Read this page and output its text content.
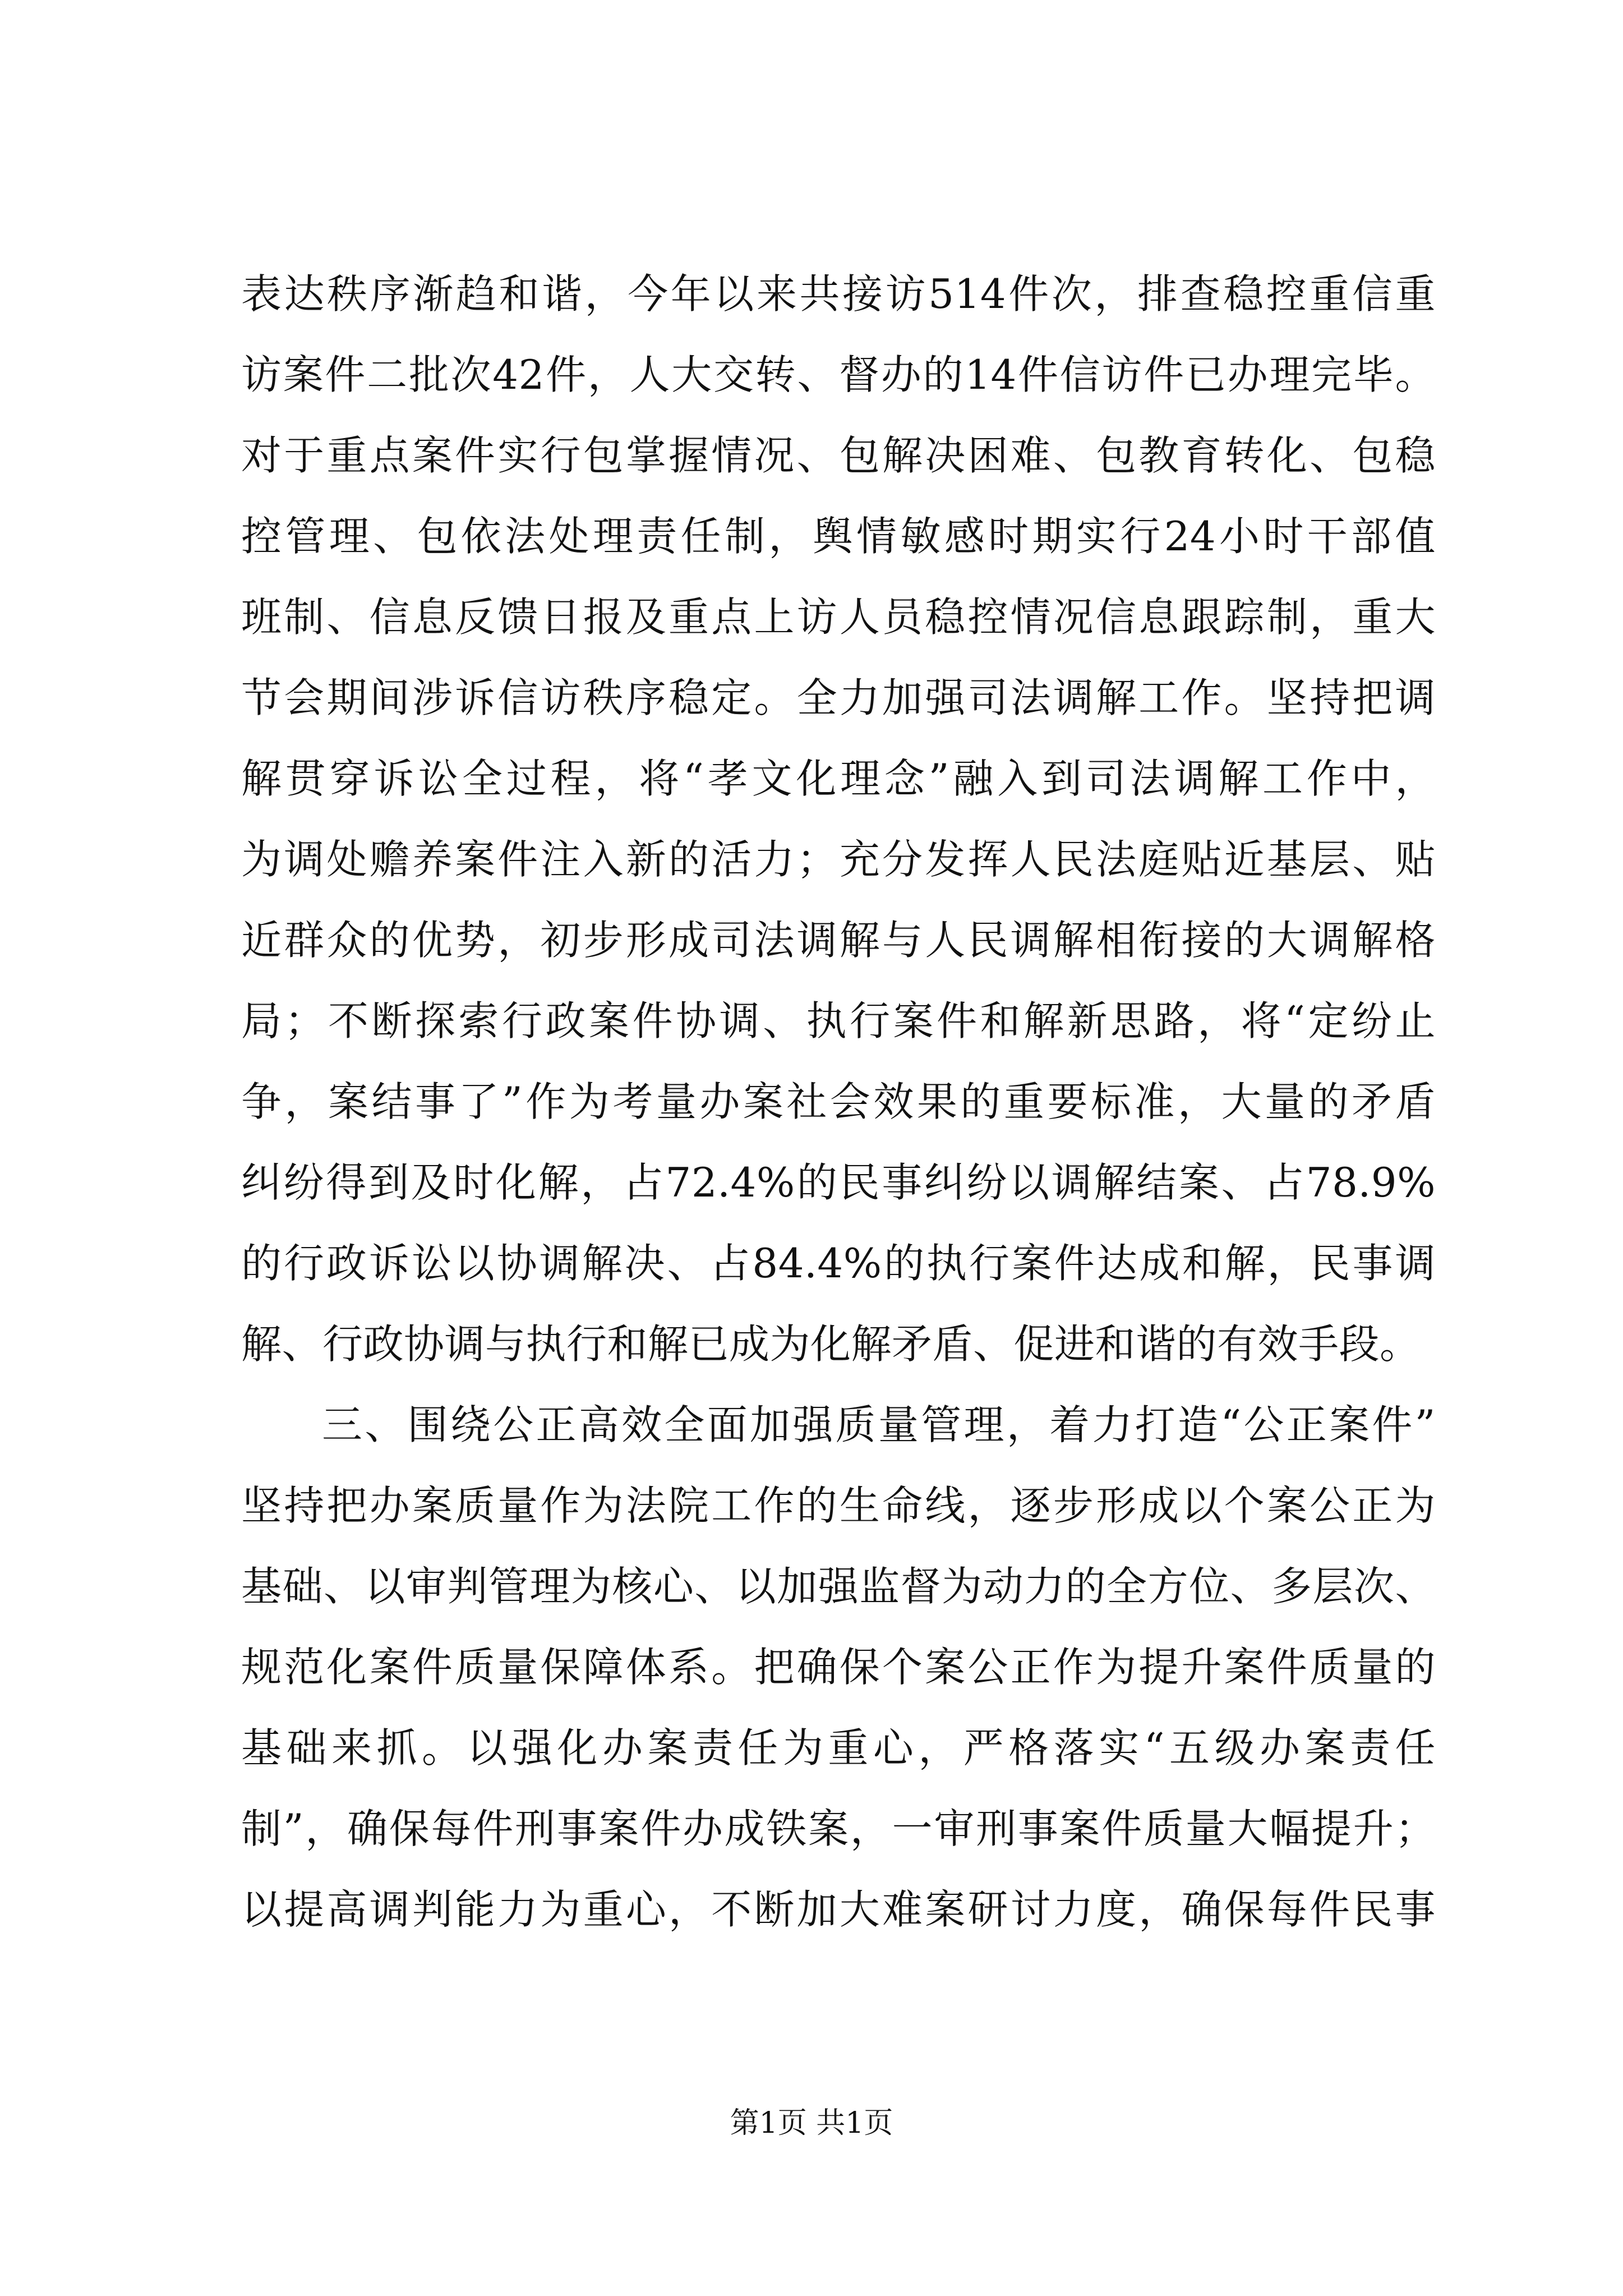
表达秩序渐趋和谐，今年以来共接访514件次，排查稳控重信重
访案件二批次42件，人大交转、督办的14件信访件已办理完毕。
对于重点案件实行包掌握情况、包解决困难、包教育转化、包稳
控管理、包依法处理责任制，舆情敏感时期实行24小时干部值
班制、信息反馈日报及重点上访人员稳控情况信息跟踪制，重大
节会期间涉诉信访秩序稳定。全力加强司法调解工作。坚持把调
解贯穿诉讼全过程，将“孝文化理念”融入到司法调解工作中，
为调处赡养案件注入新的活力；充分发挥人民法庭贴近基层、贴
近群众的优势，初步形成司法调解与人民调解相衔接的大调解格
局；不断探索行政案件协调、执行案件和解新思路，将“定纷止
争，案结事了”作为考量办案社会效果的重要标准，大量的矛盾
纠纷得到及时化解，占72.4%的民事纠纷以调解结案、占78.9%
的行政诉讼以协调解决、占84.4%的执行案件达成和解，民事调
解、行政协调与执行和解已成为化解矛盾、促进和谐的有效手段。
三、围绕公正高效全面加强质量管理，着力打造“公正案件”
坚持把办案质量作为法院工作的生命线，逐步形成以个案公正为
基础、以审判管理为核心、以加强监督为动力的全方位、多层次、
规范化案件质量保障体系。把确保个案公正作为提升案件质量的
基础来抓。以强化办案责任为重心，严格落实“五级办案责任
制”，确保每件刑事案件办成铁案，一审刑事案件质量大幅提升；
以提高调判能力为重心，不断加大难案研讨力度，确保每件民事
第1页 共1页
